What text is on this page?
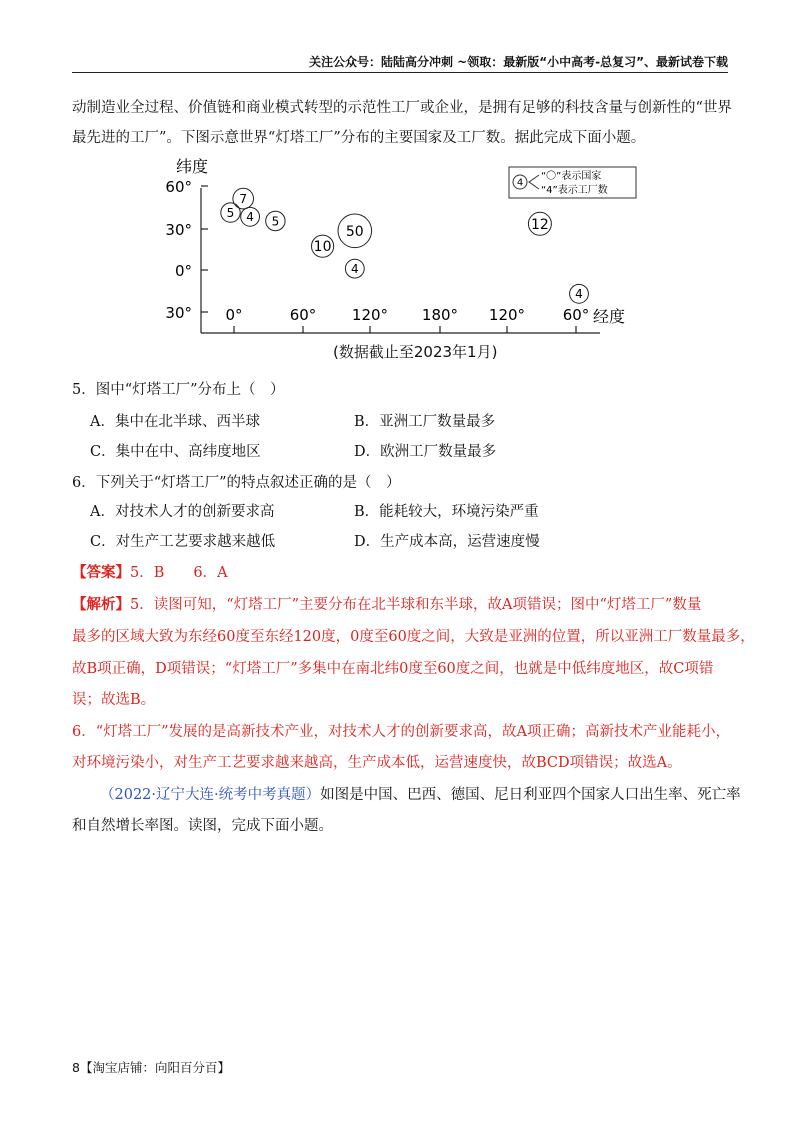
关注公众号：陆陆高分冲刺 ~领取：最新版“小中高考-总复习”、最新试卷下载
动制造业全过程、价值链和商业模式转型的示范性工厂或企业，是拥有足够的科技含量与创新性的“世界
最先进的工厂”。下图示意世界“灯塔工厂”分布的主要国家及工厂数。据此完成下面小题。
纬度
60°
30°
0°
30° 0°	60° 120° 180° 120°	60° 经度
4
“〇”表示国家
“4”表示工厂数
7
5 4 5
10
50
4
12
4
(数据截止至2023年1月)
5．图中“灯塔工厂”分布上（　）
A．集中在北半球、西半球	B．亚洲工厂数量最多
C．集中在中、高纬度地区	D．欧洲工厂数量最多
6．下列关于“灯塔工厂”的特点叙述正确的是（　）
A．对技术人才的创新要求高	B．能耗较大，环境污染严重
C．对生产工艺要求越来越低	D．生产成本高，运营速度慢
【答案】5．B　　6．A
【解析】5．读图可知，“灯塔工厂”主要分布在北半球和东半球，故A项错误；图中“灯塔工厂”数量
最多的区域大致为东经60度至东经120度，0度至60度之间，大致是亚洲的位置，所以亚洲工厂数量最多，
故B项正确，D项错误；“灯塔工厂”多集中在南北纬0度至60度之间，也就是中低纬度地区，故C项错
误；故选B。
6．“灯塔工厂”发展的是高新技术产业，对技术人才的创新要求高，故A项正确；高新技术产业能耗小，
对环境污染小，对生产工艺要求越来越高，生产成本低，运营速度快，故BCD项错误；故选A。
（2022·辽宁大连·统考中考真题）如图是中国、巴西、德国、尼日利亚四个国家人口出生率、死亡率
和自然增长率图。读图，完成下面小题。
8【淘宝店铺：向阳百分百】
